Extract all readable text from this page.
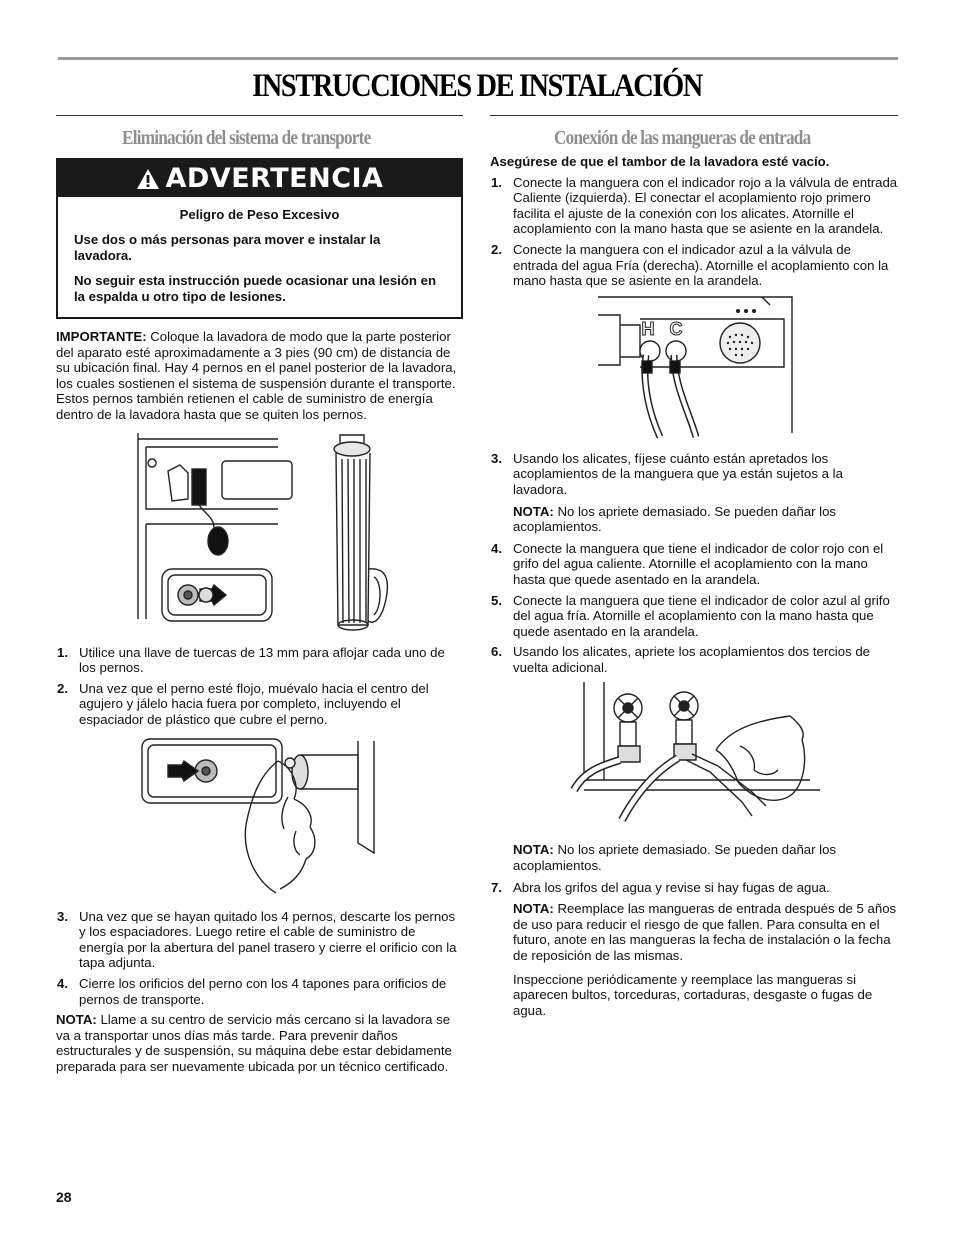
INSTRUCCIONES DE INSTALACIÓN
Eliminación del sistema de transporte
ADVERTENCIA

Peligro de Peso Excesivo

Use dos o más personas para mover e instalar la lavadora.

No seguir esta instrucción puede ocasionar una lesión en la espalda u otro tipo de lesiones.

IMPORTANTE: Coloque la lavadora de modo que la parte posterior del aparato esté aproximadamente a 3 pies (90 cm) de distancia de su ubicación final. Hay 4 pernos en el panel posterior de la lavadora, los cuales sostienen el sistema de suspensión durante el transporte. Estos pernos también retienen el cable de suministro de energía dentro de la lavadora hasta que se quiten los pernos.

1. Utilice una llave de tuercas de 13 mm para aflojar cada uno de los pernos.
2. Una vez que el perno esté flojo, muévalo hacia el centro del agujero y jálelo hacia fuera por completo, incluyendo el espaciador de plástico que cubre el perno.
3. Una vez que se hayan quitado los 4 pernos, descarte los pernos y los espaciadores. Luego retire el cable de suministro de energía por la abertura del panel trasero y cierre el orificio con la tapa adjunta.
4. Cierre los orificios del perno con los 4 tapones para orificios de pernos de transporte.

NOTA: Llame a su centro de servicio más cercano si la lavadora se va a transportar unos días más tarde. Para prevenir daños estructurales y de suspensión, su máquina debe estar debidamente preparada para ser nuevamente ubicada por un técnico certificado.

Conexión de las mangueras de entrada

Asegúrese de que el tambor de la lavadora esté vacío.

1. Conecte la manguera con el indicador rojo a la válvula de entrada Caliente (izquierda). El conectar el acoplamiento rojo primero facilita el ajuste de la conexión con los alicates. Atornille el acoplamiento con la mano hasta que se asiente en la arandela.
2. Conecte la manguera con el indicador azul a la válvula de entrada del agua Fría (derecha). Atornille el acoplamiento con la mano hasta que se asiente en la arandela.
H C
3. Usando los alicates, fíjese cuánto están apretados los acoplamientos de la manguera que ya están sujetos a la lavadora.
NOTA: No los apriete demasiado. Se pueden dañar los acoplamientos.
4. Conecte la manguera que tiene el indicador de color rojo con el grifo del agua caliente. Atornille el acoplamiento con la mano hasta que quede asentado en la arandela.
5. Conecte la manguera que tiene el indicador de color azul al grifo del agua fría. Atornille el acoplamiento con la mano hasta que quede asentado en la arandela.
6. Usando los alicates, apriete los acoplamientos dos tercios de vuelta adicional.
NOTA: No los apriete demasiado. Se pueden dañar los acoplamientos.
7. Abra los grifos del agua y revise si hay fugas de agua.
NOTA: Reemplace las mangueras de entrada después de 5 años de uso para reducir el riesgo de que fallen. Para consulta en el futuro, anote en las mangueras la fecha de instalación o la fecha de reposición de las mismas.
Inspeccione periódicamente y reemplace las mangueras si aparecen bultos, torceduras, cortaduras, desgaste o fugas de agua.
28
